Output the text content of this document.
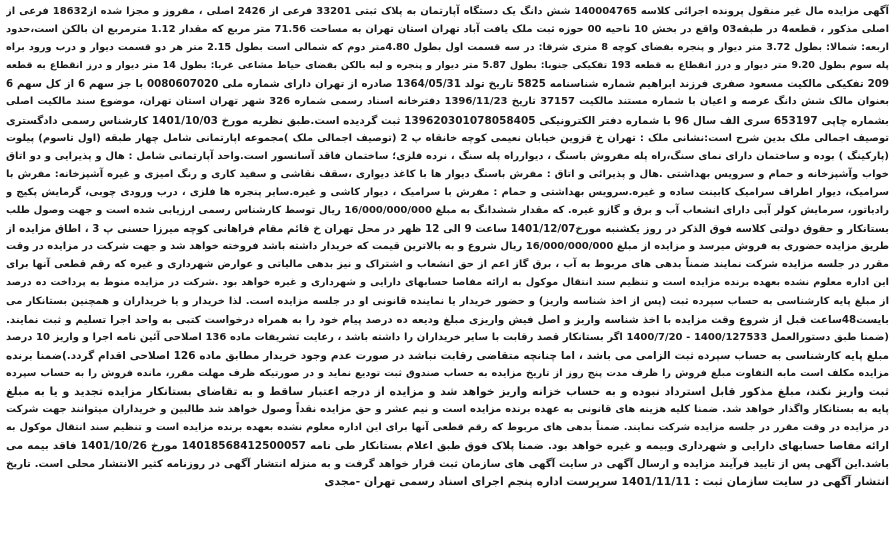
آگهی مزایده مال غیر منقول پرونده اجرائی کلاسه 140004765 شش دانگ یک دستگاه آپارتمان به پلاک ثبتی 33201 فرعی از 2426 اصلی ، مفروز و مجزا شده از18632 فرعی از
اصلی مذکور ، قطعه4 در طبقه03 واقع در بخش 10 ناحیه 00 حوزه ثبت ملک یافت آباد تهران استان تهران به مساحت 71.56 متر مربع که مقدار 1.12 مترمربع ان بالکن است،حدود
اربعه: شمالا: بطول 3.72 متر دیوار و پنجره بفضای کوچه 8 متری شرقا: در سه قسمت اول بطول 4.80متر دوم که شمالی است بطول 2.15 متر هر دو قسمت دیوار و درب ورود براه
پله سوم بطول 9.20 متر دیوار و درز انقطاع به قطعه 193 تفکیکی جنوبا: بطول 5.87 متر دیوار و پنجره و لبه بالکن بفضای حیاط مشاعی غربا: بطول 14 متر دیوار و درز انقطاع به قطعه
209 تفکیکی مالکیت مسعود صفری فرزند ابراهیم شماره شناسنامه 5825 تاریخ تولد 1364/05/31 صادره از تهران دارای شماره ملی 0080607020 با جز سهم 6 از کل سهم 6
بعنوان مالک شش دانگ عرصه و اعیان با شماره مستند مالکیت 37157 تاریخ 1396/11/23 دفترخانه اسناد رسمی شماره 326 شهر تهران استان تهران، موضوع سند مالکیت اصلی
بشماره چاپی 653197 سری الف سال 96 با شماره دفتر الکترونیکی 139620301078058405 ثبت گردیده است.طبق نظریه مورخ 1401/10/03 کارشناس رسمی دادگستری
توصیف اجمالی ملک بدین شرح است:نشانی ملک : تهران خ قزوین خیابان نعیمی کوچه خانقاه پ 2 (توصیف اجمالی ملک )مجموعه اپارتمانی شامل چهار طبقه (اول تاسوم) پیلوت
(پارکینگ ) بوده و ساختمان دارای نمای سنگ،راه پله مفروش باسنگ ، دیوارراه پله سنگ ، نرده فلزی؛ ساختمان فاقد آسانسور است.واحد آپارتمانی شامل : هال و پذیرایی و دو اتاق
خواب وآشپزخانه و حمام و سرویس بهداشتی .هال و پذیرائی و اتاق : مفرش باسنگ دیوار ها با کاغذ دیواری ،سقف نقاشی و سفید کاری و رنگ امیزی و غیره آشپزخانه: مفرش با
سرامیک، دیوار اطراف سرامیک کابینت ساده و غیره.سرویس بهداشتی و حمام : مفرش با سرامیک ، دیوار کاشی و غیره.سایر پنجره ها فلزی ، درب ورودی چوبی، گرمایش پکیج و
رادیاتور، سرمایش کولر آبی دارای انشعاب آب و برق و گازو غیره. که مقدار ششدانگ به مبلغ 16/000/000/000 ریال توسط کارشناس رسمی ارزیابی شده است و جهت وصول طلب
بستانکار و حقوق دولتی کلاسه فوق الذکر در روز یکشنبه مورخ1401/12/07 ساعت 9 الی 12 ظهر در محل تهران خ قائم مقام فراهانی کوچه میرزا حسنی پ 3 ، اطاق مزایده از
طریق مزایده حضوری به فروش میرسد و مزایده از مبلغ 16/000/000/000 ریال شروع و به بالاترین قیمت که خریدار داشته باشد فروخته خواهد شد و جهت شرکت در مزایده در وقت
مقرر در جلسه مزایده شرکت نمایند ضمناً بدهی های مربوط به آب ، برق گاز اعم از حق انشعاب و اشتراک و نیز بدهی مالیاتی و عوارض شهرداری و غیره که رقم قطعی آنها برای
این اداره معلوم نشده بعهده برنده مزایده است و تنظیم سند انتقال موکول به ارائه مفاصا حسابهای دارایی و شهرداری و غیره خواهد بود .شرکت در مزایده منوط به پرداخت ده درصد
از مبلغ پایه کارشناسی به حساب سپرده ثبت (پس از اخذ شناسه واریز) و حضور خریدار یا نماینده قانونی او در جلسه مزایده است. لذا خریدار و یا خریداران و همچنین بستانکار می
بایست48ساعت قبل از شروع وقت مزایده با اخذ شناسه واریز و اصل فیش واریزی مبلغ ودیعه ده درصد پیام خود را به همراه درخواست کتبی به واحد اجرا تسلیم و ثبت نمایند.
(ضمنا طبق دستورالعمل 1400/127533 - 1400/7/20 اگر بستانکار قصد رقابت با سایر خریداران را داشته باشد ، رعایت تشریفات ماده 136 اصلاحی آئین نامه اجرا و واریز 10 درصد
مبلغ پایه کارشناسی به حساب سپرده ثبت الزامی می باشد ، اما چنانچه متقاضی رقابت نباشد در صورت عدم وجود خریدار مطابق ماده 126 اصلاحی اقدام گردد.)ضمنا برنده
مزایده مکلف است مابه التفاوت مبلغ فروش را ظرف مدت پنج روز از تاریخ مزایده به حساب صندوق ثبت تودیع نماید و در صورتیکه ظرف مهلت مقرر، مانده فروش را به حساب سپرده
ثبت واریز نکند، مبلغ مذکور قابل استرداد نبوده و به حساب خزانه واریز خواهد شد و مزایده از درجه اعتبار ساقط و به تقاضای بستانکار مزایده تجدید و یا به مبلغ
پایه به بستانکار واگذار خواهد شد. ضمنا کلیه هزینه های قانونی به عهده برنده مزایده است و نیم عشر و حق مزایده نقداً وصول خواهد شد طالبین و خریداران میتوانند جهت شرکت
در مزایده در وقت مقرر در جلسه مزایده شرکت نمایند. ضمناً بدهی های مربوط که رقم قطعی آنها برای این اداره معلوم نشده بعهده برنده مزایده است و تنظیم سند انتقال موکول به
ارائه مفاصا حسابهای دارایی و شهرداری وبیمه و غیره خواهد بود. ضمنا پلاک فوق طبق اعلام بستانکار طی نامه 14018568412500057 مورخ 1401/10/26 فاقد بیمه می
باشد.این آگهی پس از تایید فرآیند مزایده و ارسال آگهی در سایت آگهی های سازمان ثبت قرار خواهد گرفت و به منزله انتشار آگهی در روزنامه کثیر الانتشار محلی است. تاریخ
انتشار آگهی در سایت سازمان ثبت : 1401/11/11 سرپرست اداره پنجم اجرای اسناد رسمی تهران -مجدی
